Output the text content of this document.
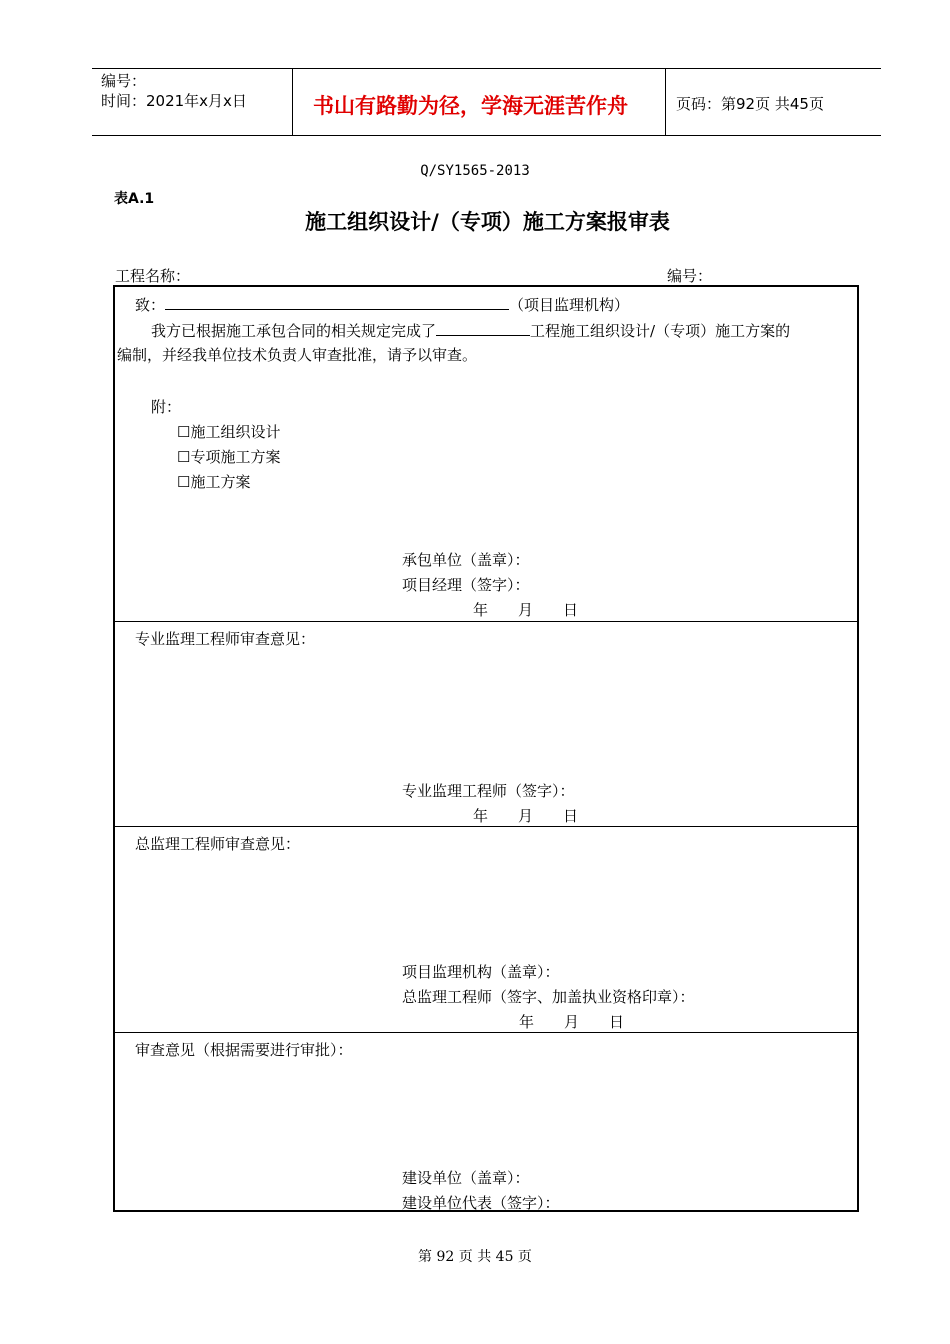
编号：
时间：2021年x月x日	书山有路勤为径，学海无涯苦作舟	页码：第92页 共45页
Q/SY1565-2013
表A.1
施工组织设计/（专项）施工方案报审表
工程名称：	编号：
致：	（项目监理机构）
我方已根据施工承包合同的相关规定完成了	工程施工组织设计/（专项）施工方案的
编制，并经我单位技术负责人审查批准，请予以审查。
附：
☐施工组织设计
☐专项施工方案
☐施工方案
承包单位（盖章）：
项目经理（签字）：
年　　月　　日
专业监理工程师审查意见：
专业监理工程师（签字）：
年　　月　　日
总监理工程师审查意见：
项目监理机构（盖章）：
总监理工程师（签字、加盖执业资格印章）：
年　　月　　日
审查意见（根据需要进行审批）：
建设单位（盖章）：
建设单位代表（签字）：
第 92 页 共 45 页
